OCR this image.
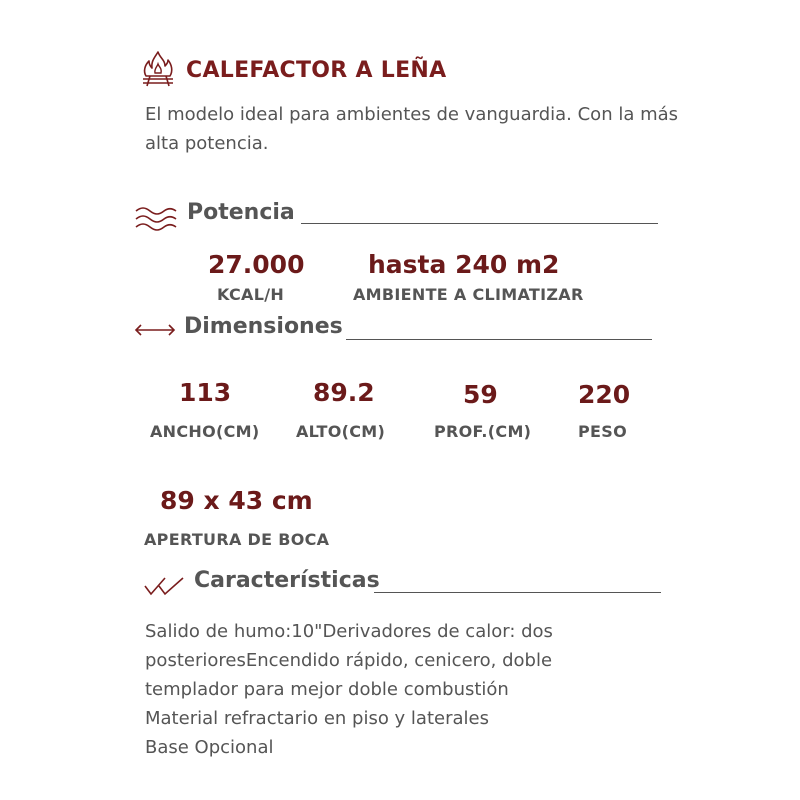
CALEFACTOR A LEÑA
El modelo ideal para ambientes de vanguardia. Con la más alta potencia.
Potencia
27.000
KCAL/H
hasta 240 m2
AMBIENTE A CLIMATIZAR
Dimensiones
113
ANCHO(CM)
89.2
ALTO(CM)
59
PROF.(CM)
220
PESO
89 x 43 cm
APERTURA DE BOCA
Características
Salido de humo:10"Derivadores de calor: dos
posterioresEncendido rápido, cenicero, doble
templador para mejor doble combustión
Material refractario en piso y laterales
Base Opcional
